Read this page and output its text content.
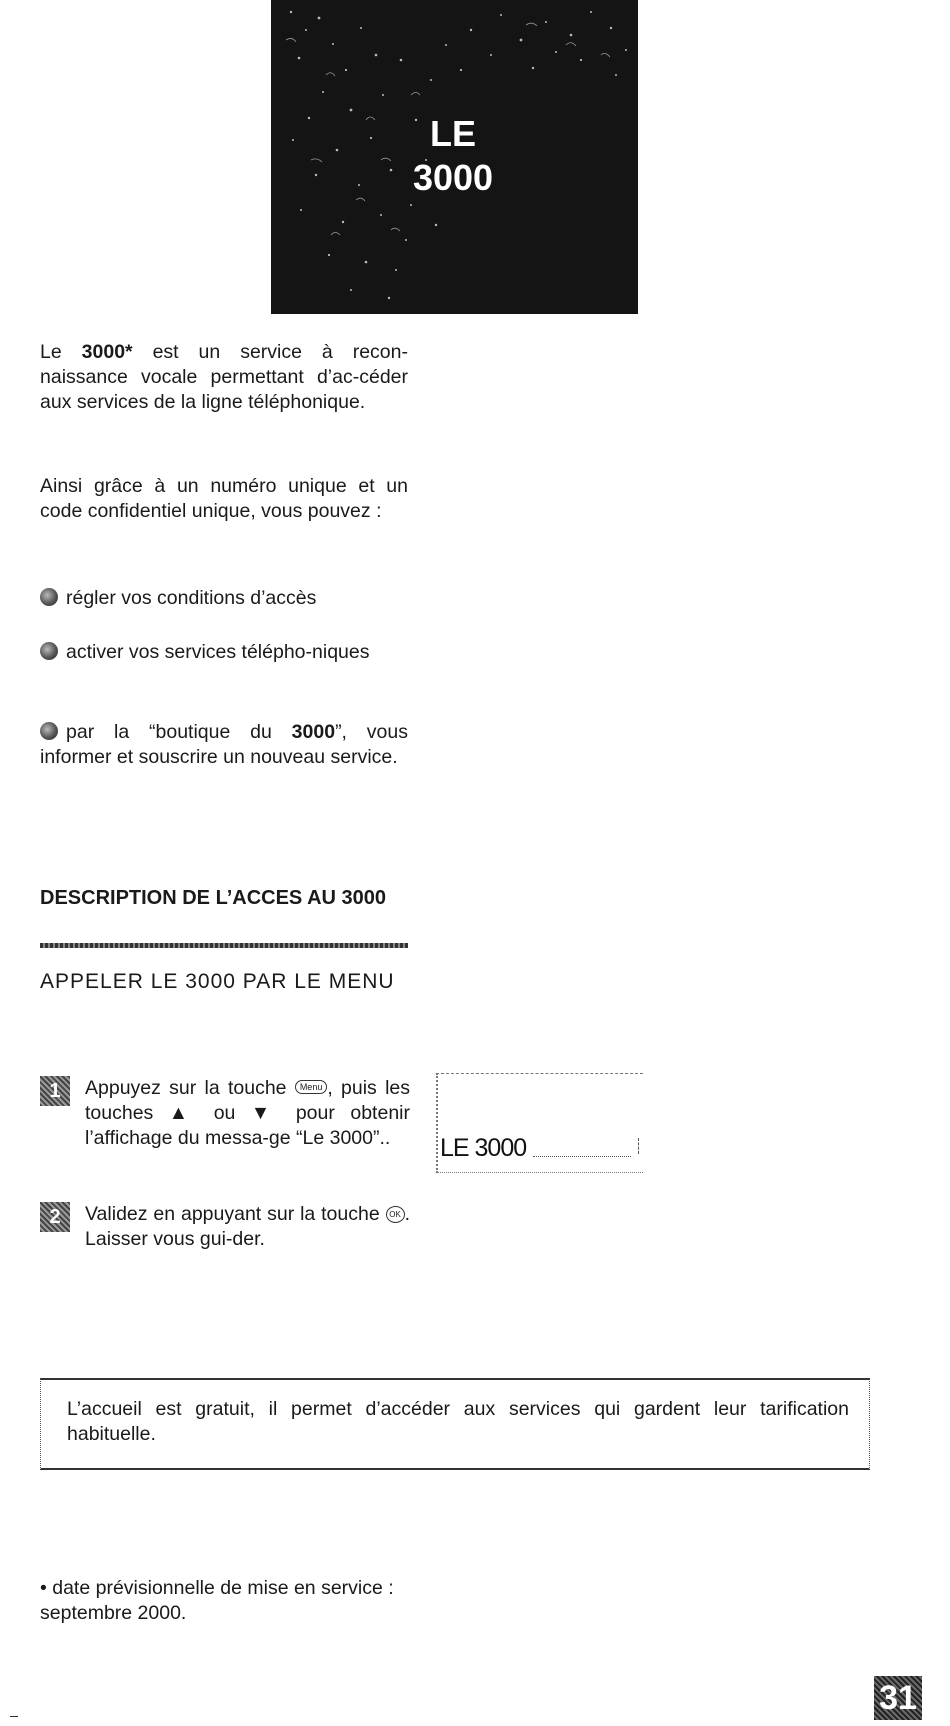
LE
3000
Le 3000* est un service à recon-naissance vocale permettant d’ac-céder aux services de la ligne téléphonique.
Ainsi grâce à un numéro unique et un code confidentiel unique, vous pouvez :
régler vos conditions d’accès
activer vos services télépho-niques
par la “boutique du 3000”, vous informer et souscrire un nouveau service.
DESCRIPTION DE L’ACCES AU 3000
APPELER LE 3000 PAR LE MENU
1	Appuyez sur la touche Menu , puis les touches ▲ ou ▼ pour obtenir l’affichage du messa-ge “Le 3000”..	LE 3000
2	Validez en appuyant sur la touche OK . Laisser vous gui-der.
L’accueil est gratuit, il permet d’accéder aux services qui gardent leur tarification habituelle.
• date prévisionnelle de mise en service : septembre 2000.
31
